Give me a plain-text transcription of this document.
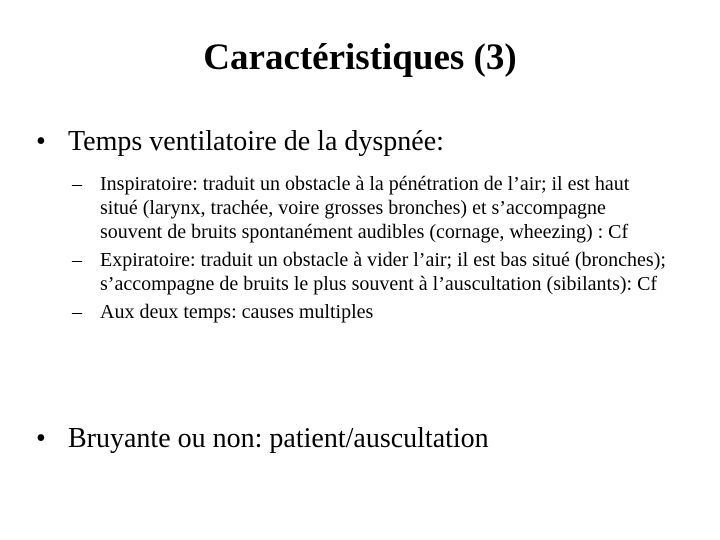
Caractéristiques (3)
• Temps ventilatoire de la dyspnée:
– Inspiratoire: traduit un obstacle à la pénétration de l’air; il est haut situé (larynx, trachée, voire grosses bronches) et s’accompagne souvent de bruits spontanément audibles (cornage, wheezing) : Cf
– Expiratoire: traduit un obstacle à vider l’air; il est bas situé (bronches); s’accompagne de bruits le plus souvent à l’auscultation (sibilants): Cf
– Aux deux temps: causes multiples
• Bruyante ou non: patient/auscultation
